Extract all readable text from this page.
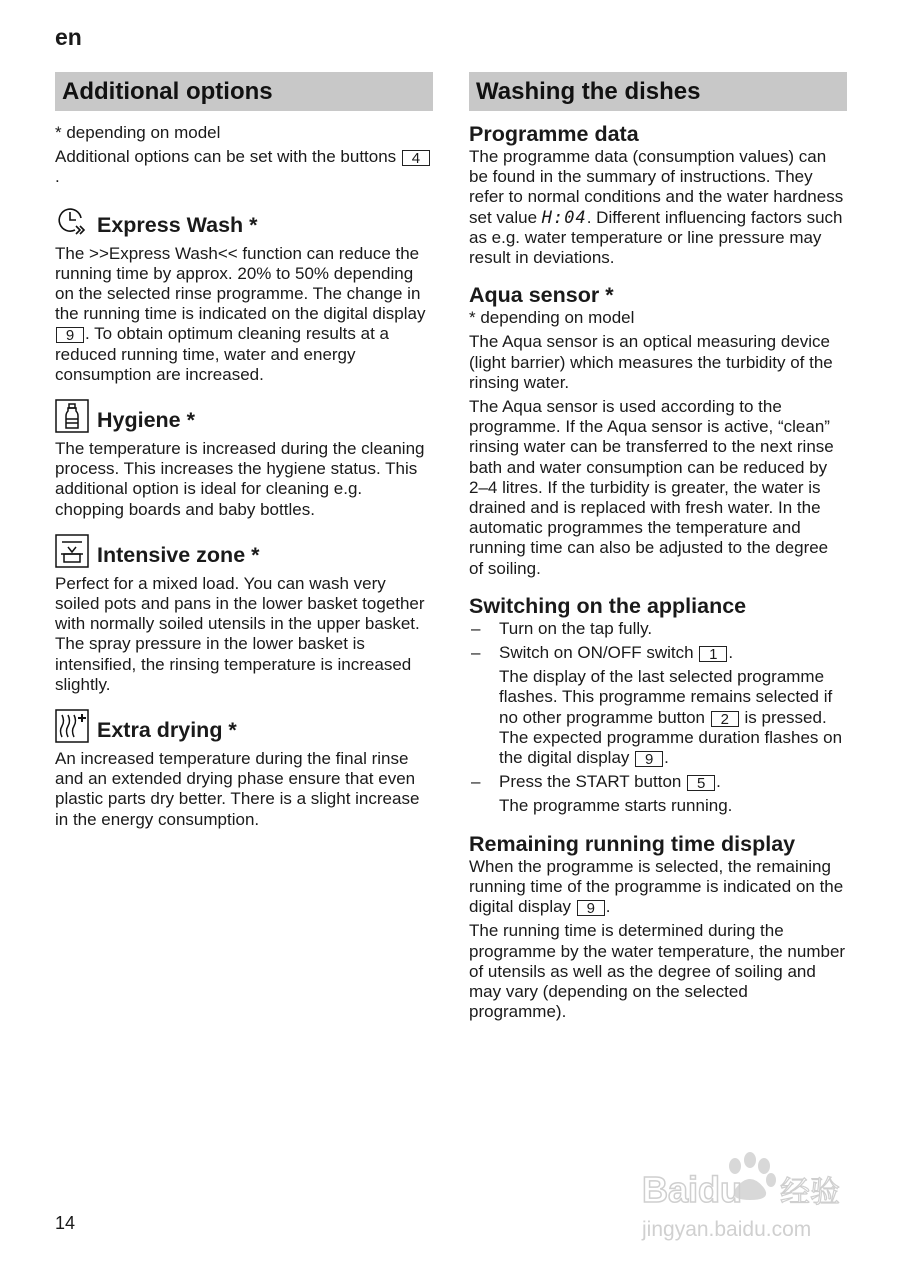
en
Additional options

* depending on model

Additional options can be set with the buttons 4.

Express Wash *

The >>Express Wash<< function can reduce the running time by approx. 20% to 50% depending on the selected rinse programme. The change in the running time is indicated on the digital display 9 . To obtain optimum cleaning results at a reduced running time, water and energy consumption are increased.

Hygiene *

The temperature is increased during the cleaning process. This increases the hygiene status. This additional option is ideal for cleaning e.g. chopping boards and baby bottles.

Intensive zone *

Perfect for a mixed load. You can wash very soiled pots and pans in the lower basket together with normally soiled utensils in the upper basket. The spray pressure in the lower basket is intensified, the rinsing temperature is increased slightly.

Extra drying *

An increased temperature during the final rinse and an extended drying phase ensure that even plastic parts dry better. There is a slight increase in the energy consumption.

Washing the dishes
Programme data

The programme data (consumption values) can be found in the summary of instructions. They refer to normal conditions and the water hardness set value H:04. Different influencing factors such as e.g. water temperature or line pressure may result in deviations.

Aqua sensor *

* depending on model

The Aqua sensor is an optical measuring device (light barrier) which measures the turbidity of the rinsing water.

The Aqua sensor is used according to the programme. If the Aqua sensor is active, “clean” rinsing water can be transferred to the next rinse bath and water consumption can be reduced by 2–4 litres. If the turbidity is greater, the water is drained and is replaced with fresh water. In the automatic programmes the temperature and running time can also be adjusted to the degree of soiling.

Switching on the appliance
– Turn on the tap fully.
– Switch on ON/OFF switch 1 .
The display of the last selected programme flashes. This programme remains selected if no other programme button 2 is pressed. The expected programme duration flashes on the digital display 9 .
– Press the START button 5 .
The programme starts running.
Remaining running time display

When the programme is selected, the remaining running time of the programme is indicated on the digital display 9 .

The running time is determined during the programme by the water temperature, the number of utensils as well as the degree of soiling and may vary (depending on the selected programme).

14
Baidu 经验
jingyan.baidu.com
